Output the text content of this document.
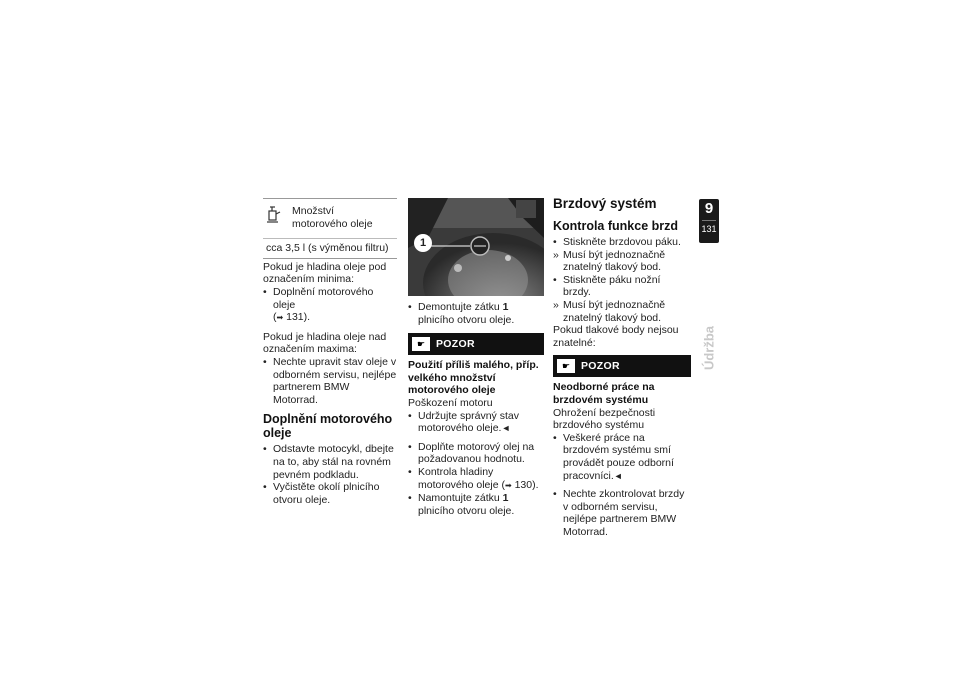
Množství motorového oleje
cca 3,5 l (s výměnou filtru)
Pokud je hladina oleje pod označením minima:
• Doplnění motorového oleje
(➡ 131).
Pokud je hladina oleje nad označením maxima:
• Nechte upravit stav oleje v odborném servisu, nejlépe partnerem BMW Motorrad.
Doplnění motorového oleje
• Odstavte motocykl, dbejte na to, aby stál na rovném pevném podkladu.
• Vyčistěte okolí plnicího otvoru oleje.
1
• Demontujte zátku 1 plnicího otvoru oleje.
☛	POZOR
Použití příliš malého, příp. velkého množství motorového oleje
Poškození motoru
• Udržujte správný stav motorového oleje. ◄
• Doplňte motorový olej na požadovanou hodnotu.
• Kontrola hladiny motorového oleje (➡ 130).
• Namontujte zátku 1 plnicího otvoru oleje.
Brzdový systém
Kontrola funkce brzd
• Stiskněte brzdovou páku.
» Musí být jednoznačně znatelný tlakový bod.
• Stiskněte páku nožní brzdy.
» Musí být jednoznačně znatelný tlakový bod.
Pokud tlakové body nejsou znatelné:
☛	POZOR
Neodborné práce na brzdovém systému
Ohrožení bezpečnosti brzdového systému
• Veškeré práce na brzdovém systému smí provádět pouze odborní pracovníci. ◄
• Nechte zkontrolovat brzdy v odborném servisu, nejlépe partnerem BMW Motorrad.
9
131
Údržba
